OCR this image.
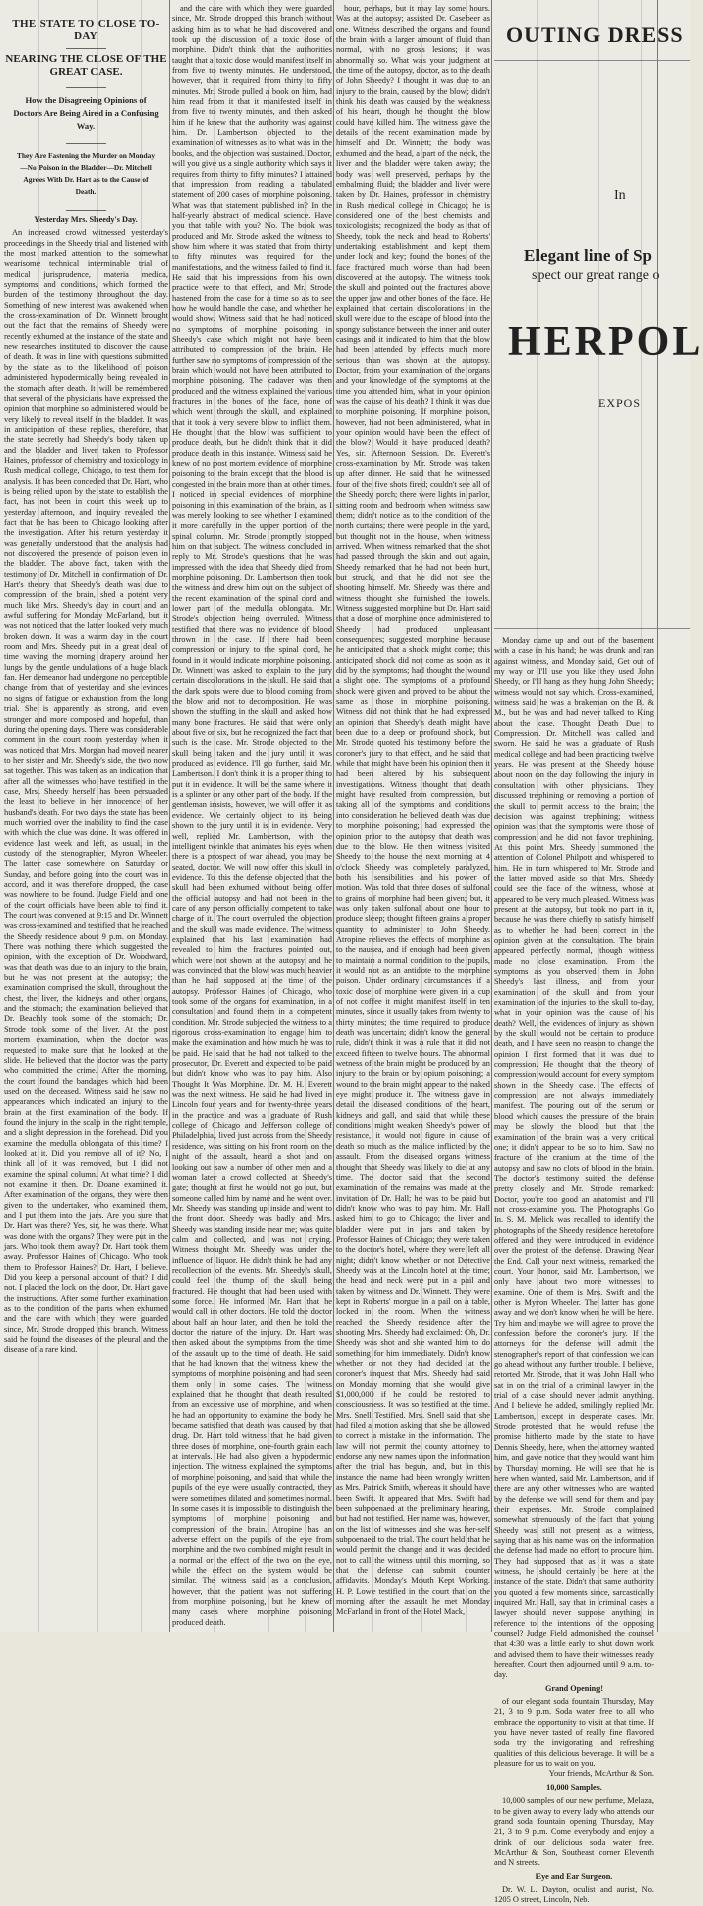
THE STATE TO CLOSE TO-DAY
NEARING THE CLOSE OF THE GREAT CASE.
How the Disagreeing Opinions of Doctors Are Being Aired in a Confusing Way.
They Are Fastening the Murder on Monday—No Poison in the Bladder—Dr. Mitchell Agrees With Dr. Hart as to the Cause of Death.
Yesterday Mrs. Sheedy's Day.

An increased crowd witnessed yesterday's proceedings in the Sheedy trial and listened with the most marked attention to the somewhat wearisome technical interminable trial of medical jurisprudence, materia medica, symptoms and conditions, which formed the burden of the testimony throughout the day. Something of new interest was awakened when the cross-examination of Dr. Winnett brought out the fact that the remains of Sheedy were recently exhumed at the instance of the state and new researches instituted to discover the cause of death. It was in line with questions submitted by the state as to the likelihood of poison administered hypodermically being revealed in the stomach after death. It will be remembered that several of the physicians have expressed the opinion that morphine so administered would be very likely to reveal itself in the bladder. It was in anticipation of these replies, therefore, that the state secretly had Sheedy's body taken up and the bladder and liver taken to Professor Haines, professor of chemistry and toxicology in Rush medical college, Chicago, to test them for analysis. It has been conceded that Dr. Hart, who is being relied upon by the state to establish the fact, has not been in court this week up to yesterday afternoon, and inquiry revealed the fact that he has been to Chicago looking after the investigation. After his return yesterday it was generally understood that the analysis had not discovered the presence of poison even in the bladder. The above fact, taken with the testimony of Dr. Mitchell in confirmation of Dr. Hart's theory that Sheedy's death was due to compression of the brain, shed a potent very much like Mrs. Sheedy's day in court and an awful suffering for Monday McFarland, but it was not noticed that the latter looked very much broken down. It was a warm day in the court room and Mrs. Sheedy put in a great deal of time waving the morning drapery around her lungs by the gentle undulations of a huge black fan. Her demeanor had undergone no perceptible change from that of yesterday and she evinces no signs of fatigue or exhaustion from the long trial. She is apparently as strong, and even stronger and more composed and hopeful, than during the opening days. There was considerable comment in the court room yesterday when it was noticed that Mrs. Morgan had moved nearer to her sister and Mr. Sheedy's side, the two now sat together. This was taken as an indication that after all the witnesses who have testified in the case, Mrs. Sheedy herself has been persuaded the least to believe in her innocence of her husband's death. For two days the state has been much worried over the inability to find the case with which the clue was done. It was offered in evidence last week and left, as usual, in the custody of the stenographer, Myron Wheeler. The latter case somewhere on Saturday or Sunday, and before going into the court was in accord, and it was therefore dropped, the case was nowhere to be found. Judge Field and one of the court officials have been able to find it. The court was convened at 9:15 and Dr. Winnett was cross-examined and testified that he reached the Sheedy residence about 9 p.m. on Monday. There was nothing there which suggested the opinion, with the exception of Dr. Woodward, was that death was due to an injury to the brain, but he was not present at the autopsy; the examination comprised the skull, throughout the chest, the liver, the kidneys and other organs, and the stomach; the examination believed that Dr. Beachly took some of the stomach; Dr. Strode took some of the liver. At the post mortem examination, when the doctor was requested to make sure that he looked at the slide. He believed that the doctor was the party who committed the crime. After the morning, the court found the bandages which had been used on the deceased. Witness said he saw no appearances which indicated an injury to the brain at the first examination of the body. If found the injury in the scalp in the right temple, and a slight depression in the forehead. Did you examine the medulla oblongata of this time? I looked at it. Did you remove all of it? No, I think all of it was removed, but I did not examine the spinal column. At what time? I did not examine it then. Dr. Doane examined it. After examination of the organs, they were then given to the undertaker, who examined them, and I put them into the jars. Are you sure that Dr. Hart was there? Yes, sir, he was there. What was done with the organs? They were put in the jars. Who took them away? Dr. Hart took them away. Professor Haines of Chicago. Who took them to Professor Haines? Dr. Hart, I believe. Did you keep a personal account of that? I did not. I placed the lock on the door, Dr. Hart gave the instructions. After some further examination as to the condition of the parts when exhumed and the care with which they were guarded since, Mr. Strode dropped this branch. Witness said he found the diseases of the pleural and the disease of a rare kind.

and the care with which they were guarded since, Mr. Strode dropped this branch without asking him as to what he had discovered and took up the discussion of a toxic dose of morphine. Didn't think that the authorities taught that a toxic dose would manifest itself in from five to twenty minutes. He understood, however, that it required from thirty to fifty minutes. Mr. Strode pulled a book on him, had him read from it that it manifested itself in from five to twenty minutes, and then asked him if he knew that the authority was against him. Dr. Lambertson objected to the examination of witnesses as to what was in the books, and the objection was sustained. Doctor, will you give us a single authority which says it requires from thirty to fifty minutes? I attained that impression from reading a tabulated statement of 200 cases of morphine poisoning. What was that statement published in? In the half-yearly abstract of medical science. Have you that table with you? No. The book was produced and Mr. Strode asked the witness to show him where it was stated that from thirty to fifty minutes was required for the manifestations, and the witness failed to find it. He said that his impressions from his own practice were to that effect, and Mr. Strode hastened from the case for a time so as to see how he would handle the case, and whether he would show. Witness said that he had noticed no symptoms of morphine poisoning in Sheedy's case which might not have been attributed to compression of the brain. He further saw no symptoms of compression of the brain which would not have been attributed to morphine poisoning. The cadaver was then produced and the witness explained the various fractures in the bones of the face, none of which went through the skull, and explained that it took a very severe blow to inflict them. He thought that the blow was sufficient to produce death, but he didn't think that it did produce death in this instance. Witness said he knew of no post mortem evidence of morphine poisoning to the brain except that the blood is congested in the brain more than at other times. I noticed in special evidences of morphine poisoning in this examination of the brain, as I was merely looking to see whether I examined it more carefully in the upper portion of the spinal column. Mr. Strode promptly stopped him on that subject. The witness concluded in reply to Mr. Strode's questions that he was impressed with the idea that Sheedy died from morphine poisoning. Dr. Lambertson then took the witness and drew him out on the subject of the recent examination of the spinal cord and lower part of the medulla oblongata. Mr. Strode's objection being overruled. Witness testified that there was no evidence of blood thrown in the case. If there had been compression or injury to the spinal cord, he found in it would indicate morphine poisoning. Dr. Winnett was asked to explain to the jury certain discolorations in the skull. He said that the dark spots were due to blood coming from the blow and not to decomposition. He was shown the stuffing in the skull and asked how many bone fractures. He said that were only about five or six, but he recognized the fact that such is the case. Mr. Strode objected to the skull being taken and the jury until it was produced as evidence. I'll go further, said Mr. Lambertson. I don't think it is a proper thing to put it in evidence. It will be the same where it is a splinter or any other part of the body. If the gentleman insists, however, we will offer it as evidence. We certainly object to its being shown to the jury until it is in evidence. Very well, replied Mr. Lambertson, with the intelligent twinkle that animates his eyes when there is a prospect of war ahead, you may be seated, doctor. We will now offer this skull in evidence. To this the defense objected that the skull had been exhumed without being offer the official autopsy and had not been in the care of any person officially competent to take charge of it. The court overruled the objection and the skull was made evidence. The witness explained that his last examination had revealed to him the fractures pointed out, which were not shown at the autopsy and he was convinced that the blow was much heavier than he had supposed at the time of the autopsy. Professor Haines of Chicago, who took some of the organs for examination, in a consultation and found them in a competent condition. Mr. Strode subjected the witness to a rigorous cross-examination to engage him to make the examination and how much he was to be paid. He said that he had not talked to the prosecutor, Dr. Everett and expected to be paid but didn't know who was to pay him. Also Thought It Was Morphine. Dr. M. H. Everett was the next witness. He said he had lived in Lincoln four years and for twenty-three years in the practice and was a graduate of Rush college of Chicago and Jefferson college of Philadelphia, lived just across from the Sheedy residence, was sitting on his front room on the night of the assault, heard a shot and on looking out saw a number of other men and a woman later a crowd collected at Sheedy's gate; thought at first he would not go out, but someone called him by name and he went over. Mr. Sheedy was standing up inside and went to the front door. Sheedy was badly and Mrs. Sheedy was standing inside near me; was quite calm and collected, and was not crying. Witness thought Mr. Sheedy was under the influence of liquor. He didn't think he had any recollection of the events. Mr. Sheedy's skull, could feel the thump of the skull being fractured. He thought that had been used with some force. He informed Mr. Hart that he would call in other doctors. He told the doctor about half an hour later, and then he told the doctor the nature of the injury. Dr. Hart was then asked about the symptoms from the time of the assault up to the time of death. He said that he had known that the witness knew the symptoms of morphine poisoning and had seen them only in some cases. The witness explained that he thought that death resulted from an excessive use of morphine, and when he had an opportunity to examine the body he became satisfied that death was caused by that drug. Dr. Hart told witness that he had given three doses of morphine, one-fourth grain each at intervals. He had also given a hypodermic injection. The witness explained the symptoms of morphine poisoning, and said that while the pupils of the eye were usually contracted, they were sometimes dilated and sometimes normal. In some cases it is impossible to distinguish the symptoms of morphine poisoning and compression of the brain. Atropine has an adverse effect on the pupils of the eye from morphine and the two combined might result in a normal or the effect of the two on the eye, while the effect on the system would be similar. The witness said as a conclusion, however, that the patient was not suffering from morphine poisoning, but he knew of many cases where morphine poisoning produced death.

hour, perhaps, but it may lay some hours. Was at the autopsy; assisted Dr. Casebeer as one. Witness described the organs and found the brain with a larger amount of fluid than normal, with no gross lesions; it was abnormally so. What was your judgment at the time of the autopsy, doctor, as to the death of John Sheedy? I thought it was due to an injury to the brain, caused by the blow; didn't think his death was caused by the weakness of his heart, though he thought the blow could have killed him. The witness gave the details of the recent examination made by himself and Dr. Winnett; the body was exhumed and the head, a part of the neck, the liver and the bladder were taken away; the body was well preserved, perhaps by the embalming fluid; the bladder and liver were taken by Dr. Haines, professor in chemistry in Rush medical college in Chicago; he is considered one of the best chemists and toxicologists; recognized the body as that of Sheedy, took the neck and head to Roberts' undertaking establishment and kept them under lock and key; found the bones of the face fractured much worse than had been discovered at the autopsy. The witness took the skull and pointed out the fractures above the upper jaw and other bones of the face. He explained that certain discolorations in the skull were due to the escape of blood into the spongy substance between the inner and outer casings and it indicated to him that the blow had been attended by effects much more serious than was shown at the autopsy. Doctor, from your examination of the organs and your knowledge of the symptoms at the time you attended him, what in your opinion was the cause of his death? I think it was due to morphine poisoning. If morphine poison, however, had not been administered, what in your opinion would have been the effect of the blow? Would it have produced death? Yes, sir. Afternoon Session. Dr. Everett's cross-examination by Mr. Strode was taken up after dinner. He said that he witnessed four of the five shots fired; couldn't see all of the Sheedy porch; there were lights in parlor, sitting room and bedroom when witness saw them; didn't notice as to the condition of the north curtains; there were people in the yard, but thought not in the house, when witness arrived. When witness remarked that the shot had passed through the skin and out again, Sheedy remarked that he had not been hurt, but struck, and that he did not see the shooting himself. Mr. Sheedy was there and witness thought she furnished the towels. Witness suggested morphine but Dr. Hart said that a dose of morphine once administered to Sheedy had produced unpleasant consequences; suggested morphine because he anticipated that a shock might come; this anticipated shock did not come as soon as it did by the symptoms; had thought the wound a slight one. The symptoms of a profound shock were given and proved to be about the same as those in morphine poisoning. Witness did not think that he had expressed an opinion that Sheedy's death might have been due to a deep or profound shock, but Mr. Strode quoted his testimony before the coroner's jury to that effect, and he said that while that might have been his opinion then it had been altered by his subsequent investigations. Witness thought that death might have resulted from compression, but taking all of the symptoms and conditions into consideration he believed death was due to morphine poisoning; had expressed the opinion prior to the autopsy that death was due to the blow. He then witness visited Sheedy to the house the next morning at 4 o'clock Sheedy was completely paralyzed, both his sensibilities and his power of motion. Was told that three doses of sulfonal to grains of morphine had been given; but, it was only taken sulfonal about one hour to produce sleep; thought fifteen grains a proper quantity to administer to John Sheedy. Atropine relieves the effects of morphine as to the nausea, and if enough had been given to maintain a normal condition to the pupils, it would not as an antidote to the morphine poison. Under ordinary circumstances if a toxic dose of morphine were given in a cup of not coffee it might manifest itself in ten minutes, since it usually takes from twenty to thirty minutes; the time required to produce death was uncertain; didn't know the general rule, didn't think it was a rule that it did not exceed fifteen to twelve hours. The abnormal wetness of the brain might be produced by an injury to the brain or by opium poisoning; a wound to the brain might appear to the naked eye might produce it. The witness gave in detail the diseased conditions of the heart, kidneys and gall, and said that while these conditions might weaken Sheedy's power of resistance, it would not figure in cause of death so much as the malice inflicted by the assault. From the diseased organs witness thought that Sheedy was likely to die at any time. The doctor said that the second examination of the remains was made at the invitation of Dr. Hall; he was to be paid but didn't know who was to pay him. Mr. Hall asked him to go to Chicago; the liver and bladder were put in jars and taken by Professor Haines of Chicago; they were taken to the doctor's hotel, where they were left all night; didn't know whether or not Detective Sheedy was at the Lincoln hotel at the time; the head and neck were put in a pail and taken by witness and Dr. Winnett. They were kept in Roberts' morgue in a pail on a table, locked in the room. When the witness reached the Sheedy residence after the shooting Mrs. Sheedy had exclaimed: Oh, Dr. Sheedy was shot and she wanted him to do something for him immediately. Didn't know whether or not they had decided at the coroner's inquest that Mrs. Sheedy had said on Monday morning that she would give $1,000,000 if he could be restored to consciousness. It was so testified at the time. Mrs. Snell Testified. Mrs. Snell said that she had filed a motion asking that she be allowed to correct a mistake in the information. The law will not permit the county attorney to endorse any new names upon the information after the trial has begun, and, but in this instance the name had been wrongly written as Mrs. Patrick Smith, whereas it should have been Swift. It appeared that Mrs. Swift had been subpoenaed at the preliminary hearing, but had not testified. Her name was, however, on the list of witnesses and she was her-self subpoenaed to the trial. The court held that he would permit the change and it was decided not to call the witness until this morning, so that the defense can submit counter affidavits. Monday's Mouth Kept Working. H. P. Lowe testified in the court that on the morning after the assault he met Monday McFarland in front of the Hotel Mack,

OUTING DRESS
In
Elegant line of Sp
spect our great range o
HERPOL
EXPOS

Monday came up and out of the basement with a case in his hand; he was drunk and ran against witness, and Monday said, Get out of my way or I'll use you like they used John Sheedy, or I'll hang as they hung John Sheedy; witness would not say which. Cross-examined, witness said he was a brakeman on the B. & M., but he was and had never talked to King about the case. Thought Death Due to Compression. Dr. Mitchell was called and sworn. He said he was a graduate of Rush medical college and had been practicing twelve years. He was present at the Sheedy house about noon on the day following the injury in consultation with other physicians. They discussed trephining or removing a portion of the skull to permit access to the brain; the decision was against trephining; witness opinion was that the symptoms were those of compression and he did not favor trephining. At this point Mrs. Sheedy summoned the attention of Colonel Philpott and whispered to him. He in turn whispered to Mr. Strode and the latter moved aside so that Mrs. Sheedy could see the face of the witness, whose at appeared to be very much pleased. Witness was present at the autopsy, but took no part in it, because he was there chiefly to satisfy himself as to whether he had been correct in the opinion given at the consultation. The brain appeared perfectly normal, though witness made no close examination. From the symptoms as you observed them in John Sheedy's last illness, and from your examination of the skull and from your examination of the injuries to the skull to-day, what in your opinion was the cause of his death? Well, the evidences of injury as shown by the skull would not be certain to produce death, and I have seen no reason to change the opinion I first formed that it was due to compression. He thought that the theory of compression would account for every symptom shown in the Sheedy case. The effects of compression are not always immediately manifest. The pouring out of the serum or blood which causes the pressure of the brain may be slowly the blood but that the examination of the brain was a very critical one; it didn't appear to be so to him. Saw no fracture of the cranium at the time of the autopsy and saw no clots of blood in the brain. The doctor's testimony suited the defense pretty closely and Mr. Strode remarked: Doctor, you're too good an anatomist and I'll not cross-examine you. The Photographs Go In. S. M. Melick was recalled to identify the photographs of the Sheedy residence heretofore offered and they were introduced in evidence over the protest of the defense. Drawing Near the End. Call your next witness, remarked the court. Your honor, said Mr. Lambertson, we only have about two more witnesses to examine. One of them is Mrs. Swift and the other is Myron Wheeler. The latter has gone away and we don't know when he will be here. Try him and maybe we will agree to prove the confession before the coroner's jury. If the attorneys for the defense will admit the stenographer's report of that confession we can go ahead without any further trouble. I believe, retorted Mr. Strode, that it was John Hall who sat in on the trial of a criminal lawyer in the trial of a case should never admit anything. And I believe he added, smilingly replied Mr. Lambertson, except in desperate cases. Mr. Strode protested that he would refuse the promise hitherto made by the state to have Dennis Sheedy, here, when the attorney wanted him, and gave notice that they would want him by Thursday morning. He will see that he is here when wanted, said Mr. Lambertson, and if there are any other witnesses who are wanted by the defense we will send for them and pay their expenses. Mr. Strode complained somewhat strenuously of the fact that young Sheedy was still not present as a witness, saying that as his name was on the information the defense had made no effort to procure him. They had supposed that as it was a state witness, he should certainly be here at the instance of the state. Didn't that same authority you quoted a few moments since, sarcastically inquired Mr. Hall, say that in criminal cases a lawyer should never suppose anything in reference to the intentions of the opposing counsel? Judge Field admonished the counsel that 4:30 was a little early to shut down work and advised them to have their witnesses ready hereafter. Court then adjourned until 9 a.m. to-day.

Grand Opening!

of our elegant soda fountain Thursday, May 21, 3 to 9 p.m. Soda water free to all who embrace the opportunity to visit at that time. If you have never tasted of really fine flavored soda try the invigorating and refreshing qualities of this delicious beverage. It will be a pleasure for us to wait on you.

Your friends, McArthur & Son.

10,000 Samples.

10,000 samples of our new perfume, Melaza, to be given away to every lady who attends our grand soda fountain opening Thursday, May 21, 3 to 9 p.m. Come everybody and enjoy a drink of our delicious soda water free. McArthur & Son, Southeast corner Eleventh and N streets.

Eye and Ear Surgeon.

Dr. W. L. Dayton, oculist and aurist, No. 1205 O street, Lincoln, Neb.
